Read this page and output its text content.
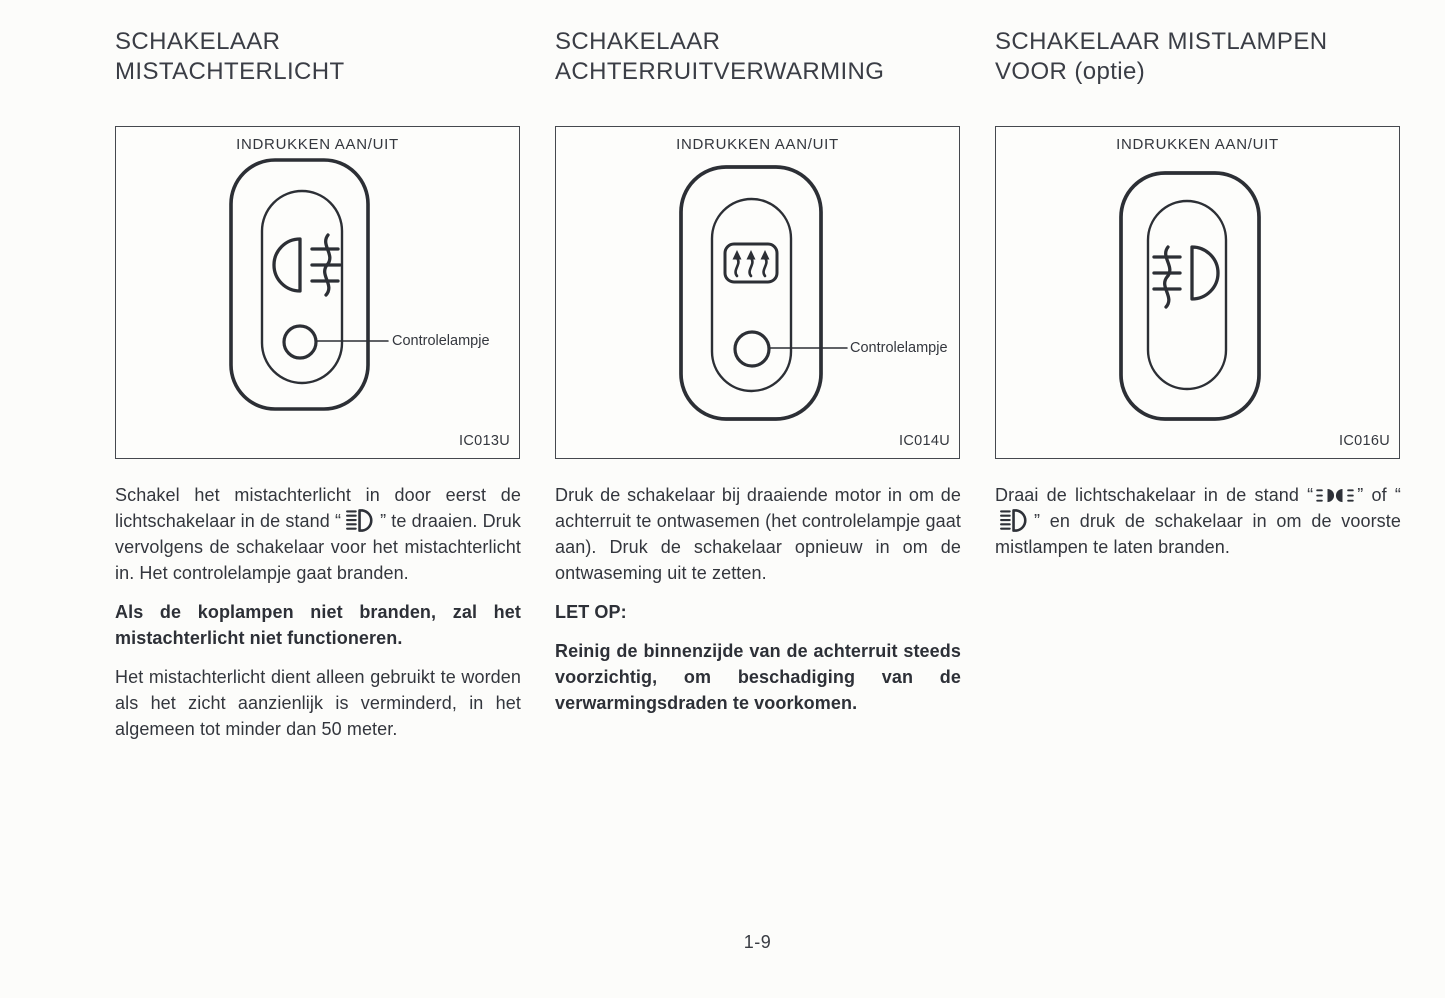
SCHAKELAAR
MISTACHTERLICHT
INDRUKKEN AAN/UIT
Controlelampje
IC013U

Schakel het mistachterlicht in door eerst de lichtschakelaar in de stand “ ” te draaien. Druk vervolgens de schakelaar voor het mistachterlicht in. Het controlelampje gaat branden.

Als de koplampen niet branden, zal het mistachterlicht niet functioneren.

Het mistachterlicht dient alleen gebruikt te worden als het zicht aanzienlijk is verminderd, in het algemeen tot minder dan 50 meter.

SCHAKELAAR
ACHTERRUITVERWARMING
INDRUKKEN AAN/UIT
Controlelampje
IC014U

Druk de schakelaar bij draaiende motor in om de achterruit te ontwasemen (het controlelampje gaat aan). Druk de schakelaar opnieuw in om de ontwaseming uit te zetten.

LET OP:

Reinig de binnenzijde van de achterruit steeds voorzichtig, om beschadiging van de verwarmingsdraden te voorkomen.

SCHAKELAAR MISTLAMPEN
VOOR (optie)
INDRUKKEN AAN/UIT
IC016U

Draai de lichtschakelaar in de stand “ ” of “” en druk de schakelaar in om de voorste mistlampen te laten branden.

1-9
